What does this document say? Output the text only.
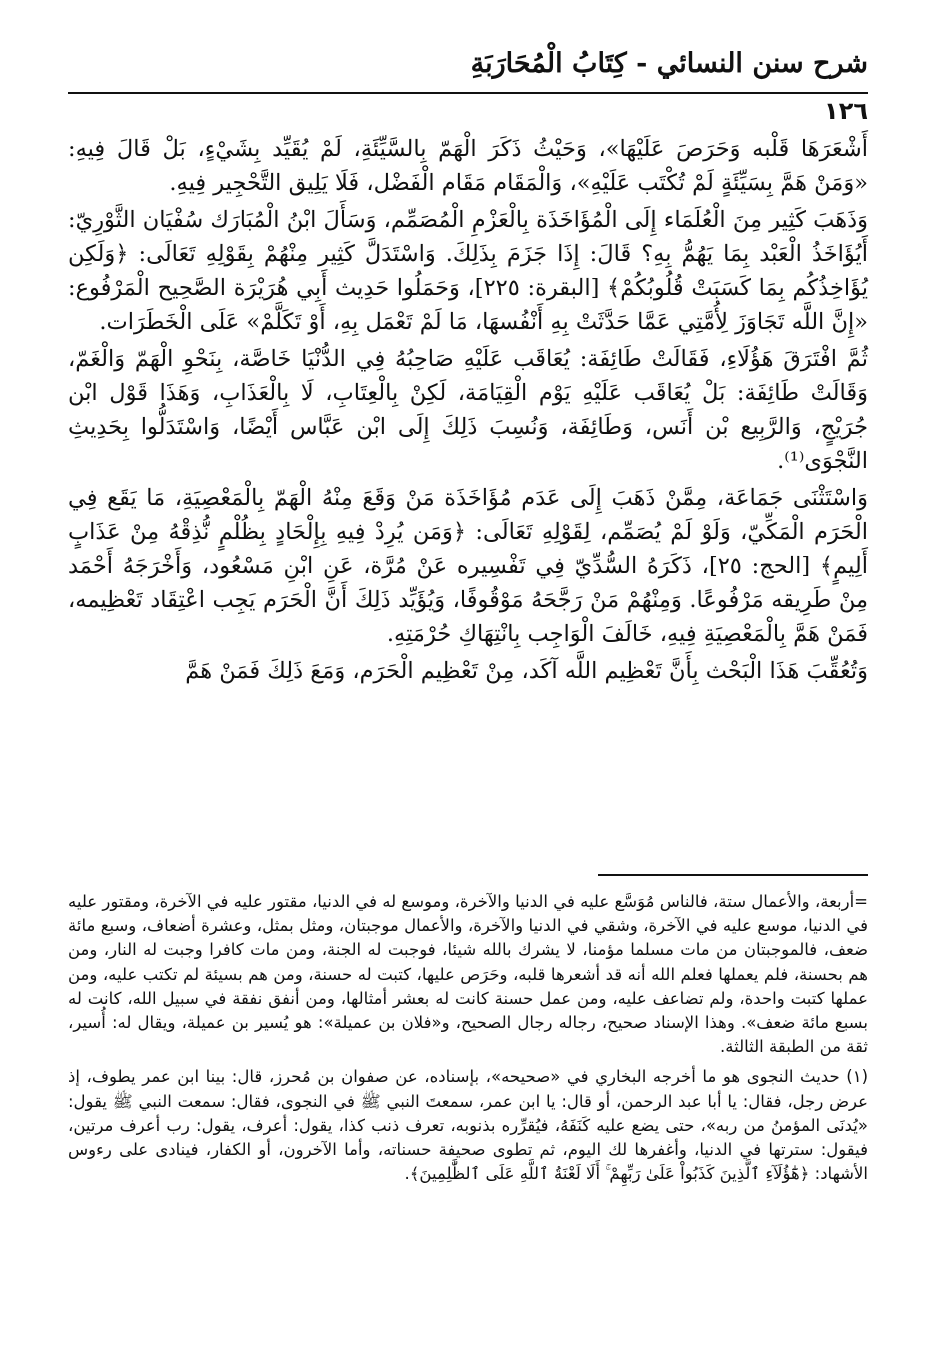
شرح سنن النسائي - كِتَابُ الْمُحَارَبَةِ
١٢٦

أَشْعَرَهَا قَلْبه وَحَرَصَ عَلَيْهَا»، وَحَيْثُ ذَكَرَ الْهَمّ بِالسَّيِّئَةِ، لَمْ يُقَيِّد بِشَيْءٍ، بَلْ قَالَ فِيهِ: «وَمَنْ هَمَّ بِسَيِّئَةٍ لَمْ تُكْتَب عَلَيْهِ»، وَالْمَقَام مَقَام الْفَضْل، فَلَا يَلِيق التَّحْجِير فِيهِ.

وَذَهَبَ كَثِير مِنَ الْعُلَمَاء إِلَى الْمُؤَاخَذَة بِالْعَزْمِ الْمُصَمِّم، وَسَأَلَ ابْنُ الْمُبَارَك سُفْيَان الثَّوْرِيّ: أَيُؤَاخَذُ الْعَبْد بِمَا يَهُمُّ بِهِ؟ قَالَ: إِذَا جَزَمَ بِذَلِكَ. وَاسْتَدَلَّ كَثِير مِنْهُمْ بِقَوْلِهِ تَعَالَى: ﴿وَلَكِن يُؤَاخِذُكُم بِمَا كَسَبَتْ قُلُوبُكُمْ﴾ [البقرة: ٢٢٥]، وَحَمَلُوا حَدِيث أَبِي هُرَيْرَة الصَّحِيح الْمَرْفُوع: «إِنَّ اللَّه تَجَاوَزَ لِأُمَّتِي عَمَّا حَدَّثَتْ بِهِ أَنْفُسهَا، مَا لَمْ تَعْمَل بِهِ، أَوْ تَكَلَّمْ» عَلَى الْخَطَرَات.

ثُمَّ افْتَرَقَ هَؤُلَاءِ، فَقَالَتْ طَائِفَة: يُعَاقَب عَلَيْهِ صَاحِبُهُ فِي الدُّنْيَا خَاصَّة، بِنَحْوِ الْهَمّ وَالْغَمّ، وَقَالَتْ طَائِفَة: بَلْ يُعَاقَب عَلَيْهِ يَوْم الْقِيَامَة، لَكِنْ بِالْعِتَابِ، لَا بِالْعَذَابِ، وَهَذَا قَوْل ابْن جُرَيْجٍ، وَالرَّبِيع بْن أَنَس، وَطَائِفَة، وَنُسِبَ ذَلِكَ إِلَى ابْن عَبَّاس أَيْضًا، وَاسْتَدَلُّوا بِحَدِيثِ النَّجْوَى⁽¹⁾.

وَاسْتَثْنَى جَمَاعَة، مِمَّنْ ذَهَبَ إِلَى عَدَم مُؤَاخَذَة مَنْ وَقَعَ مِنْهُ الْهَمّ بِالْمَعْصِيَةِ، مَا يَقَع فِي الْحَرَم الْمَكِّيّ، وَلَوْ لَمْ يُصَمِّم، لِقَوْلِهِ تَعَالَى: ﴿وَمَن يُرِدْ فِيهِ بِإِلْحَادٍ بِظُلْمٍ نُّذِقْهُ مِنْ عَذَابٍ أَلِيمٍ﴾ [الحج: ٢٥]، ذَكَرَهُ السُّدِّيّ فِي تَفْسِيره عَنْ مُرَّة، عَنِ ابْنِ مَسْعُود، وَأَخْرَجَهُ أَحْمَد مِنْ طَرِيقه مَرْفُوعًا. وَمِنْهُمْ مَنْ رَجَّحَهُ مَوْقُوفًا، وَيُؤَيِّد ذَلِكَ أَنَّ الْحَرَم يَجِب اعْتِقَاد تَعْظِيمه، فَمَنْ هَمَّ بِالْمَعْصِيَةِ فِيهِ، خَالَفَ الْوَاجِب بِانْتِهَاكِ حُرْمَتِهِ.

وَتُعُقِّبَ هَذَا الْبَحْث بِأَنَّ تَعْظِيم اللَّه آكَد، مِنْ تَعْظِيم الْحَرَم، وَمَعَ ذَلِكَ فَمَنْ هَمَّ

=أربعة، والأعمال ستة، فالناس مُوَسَّع عليه في الدنيا والآخرة، وموسع له في الدنيا، مقتور عليه في الآخرة، ومقتور عليه في الدنيا، موسع عليه في الآخرة، وشقي في الدنيا والآخرة، والأعمال موجبتان، ومثل بمثل، وعشرة أضعاف، وسبع مائة ضعف، فالموجبتان من مات مسلما مؤمنا، لا يشرك بالله شيئا، فوجبت له الجنة، ومن مات كافرا وجبت له النار، ومن هم بحسنة، فلم يعملها فعلم الله أنه قد أشعرها قلبه، وحَرَص عليها، كتبت له حسنة، ومن هم بسيئة لم تكتب عليه، ومن عملها كتبت واحدة، ولم تضاعف عليه، ومن عمل حسنة كانت له بعشر أمثالها، ومن أنفق نفقة في سبيل الله، كانت له بسبع مائة ضعف». وهذا الإسناد صحيح، رجاله رجال الصحيح، و«فلان بن عميلة»: هو يُسير بن عميلة، ويقال له: أُسير، ثقة من الطبقة الثالثة.

(١) حديث النجوى هو ما أخرجه البخاري في «صحيحه»، بإسناده، عن صفوان بن مُحرز، قال: بينا ابن عمر يطوف، إذ عرض رجل، فقال: يا أبا عبد الرحمن، أو قال: يا ابن عمر، سمعتَ النبي ﷺ في النجوى، فقال: سمعت النبي ﷺ يقول: «يُدنَى المؤمنُ من ربه»، حتى يضع عليه كَنَفَهُ، فيُقرِّره بذنوبه، تعرف ذنب كذا، يقول: أعرف، يقول: رب أعرف مرتين، فيقول: سترتها في الدنيا، وأغفرها لك اليوم، ثم تطوى صحيفة حسناته، وأما الآخرون، أو الكفار، فينادى على رءوس الأشهاد: ﴿هَٰٓؤُلَآءِ ٱلَّذِينَ كَذَبُواْ عَلَىٰ رَبِّهِمْ ۚ أَلَا لَعْنَةُ ٱللَّهِ عَلَى ٱلظَّٰلِمِينَ﴾.
